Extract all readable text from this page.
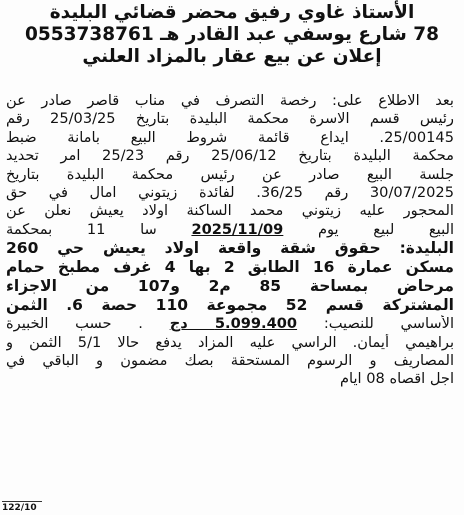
الأستاذ غاوي رفيق محضر قضائي البليدة
78 شارع يوسفي عبد القادر هـ 0553738761
إعلان عن بيع عقار بالمزاد العلني
بعد الاطلاع على: رخصة التصرف في مناب قاصر صادر عن
رئيس قسم الاسرة محكمة البليدة بتاريخ 25/03/25 رقم
25/00145. ايداع قائمة شروط البيع بامانة ضبط
محكمة البليدة بتاريخ 25/06/12 رقم 25/23 امر تحديد
جلسة البيع صادر عن رئيس محكمة البليدة بتاريخ
30/07/2025 رقم 36/25. لفائدة زيتوني امال في حق
المحجور عليه زيتوني محمد الساكنة اولاد يعيش نعلن عن
البيع لبيع يوم 2025/11/09 سا 11 بمحكمة
البليدة: حقوق شقة واقعة اولاد يعيش حي 260
مسكن عمارة 16 الطابق 2 بها 4 غرف مطبخ حمام
مرحاض بمساحة 85 م2 و107 من الاجزاء
المشتركة قسم 52 مجموعة 110 حصة 6. الثمن
الأساسي للنصيب: 5.099.400 دج . حسب الخبيرة
براهيمي أيمان. الراسي عليه المزاد يدفع حالا 5/1 الثمن و
المصاريف و الرسوم المستحقة بصك مضمون و الباقي في
اجل اقصاه 08 ايام
122/10
